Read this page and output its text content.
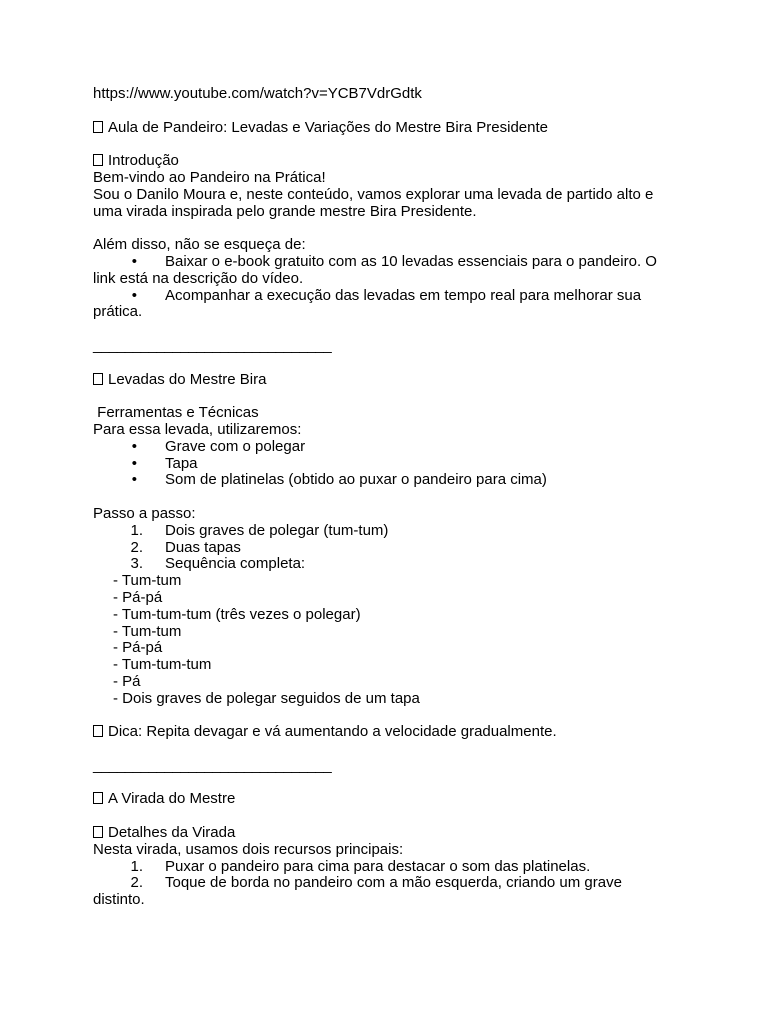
https://www.youtube.com/watch?v=YCB7VdrGdtk
Aula de Pandeiro: Levadas e Variações do Mestre Bira Presidente
Introdução
Bem-vindo ao Pandeiro na Prática!
Sou o Danilo Moura e, neste conteúdo, vamos explorar uma levada de partido alto e uma virada inspirada pelo grande mestre Bira Presidente.
Além disso, não se esqueça de:
• Baixar o e-book gratuito com as 10 levadas essenciais para o pandeiro. O link está na descrição do vídeo.
• Acompanhar a execução das levadas em tempo real para melhorar sua prática.
______________________________
Levadas do Mestre Bira
Ferramentas e Técnicas
Para essa levada, utilizaremos:
• Grave com o polegar
• Tapa
• Som de platinelas (obtido ao puxar o pandeiro para cima)
Passo a passo:
1. Dois graves de polegar (tum-tum)
2. Duas tapas
3. Sequência completa:
- Tum-tum
- Pá-pá
- Tum-tum-tum (três vezes o polegar)
- Tum-tum
- Pá-pá
- Tum-tum-tum
- Pá
- Dois graves de polegar seguidos de um tapa
Dica: Repita devagar e vá aumentando a velocidade gradualmente.
______________________________
A Virada do Mestre
Detalhes da Virada
Nesta virada, usamos dois recursos principais:
1. Puxar o pandeiro para cima para destacar o som das platinelas.
2. Toque de borda no pandeiro com a mão esquerda, criando um grave
distinto.
